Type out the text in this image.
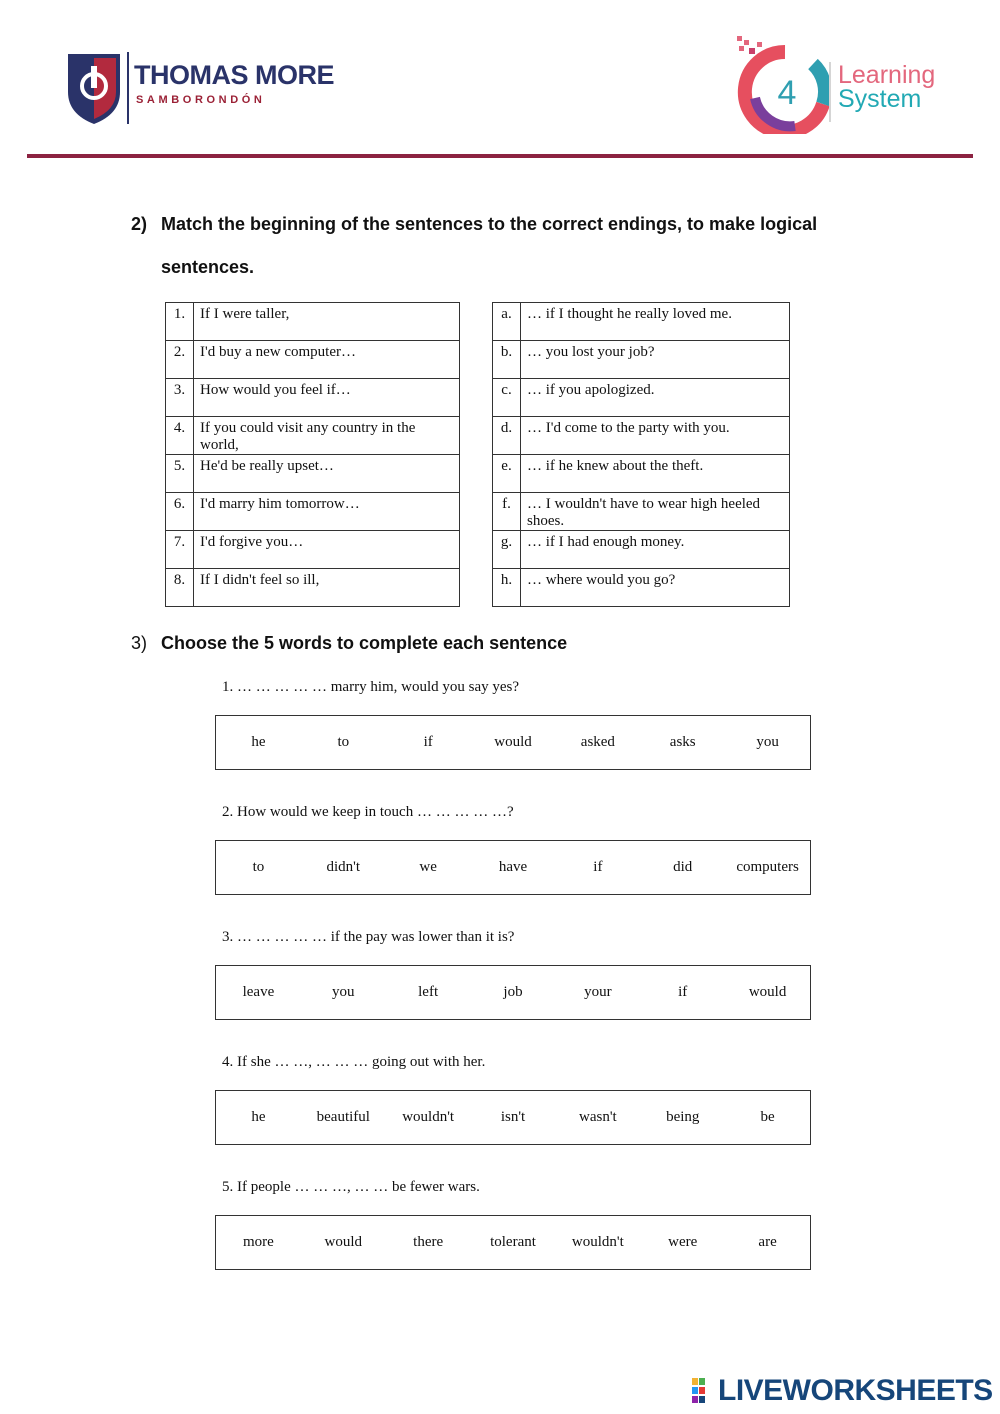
THOMAS MORE
SAMBORONDÓN	4 Learning
System
2) Match the beginning of the sentences to the correct endings, to make logical
sentences.
1.	If I were taller,
2.	I'd buy a new computer…
3.	How would you feel if…
4.	If you could visit any country in the world,
5.	He'd be really upset…
6.	I'd marry him tomorrow…
7.	I'd forgive you…
8.	If I didn't feel so ill,
a.	… if I thought he really loved me.
b.	… you lost your job?
c.	… if you apologized.
d.	… I'd come to the party with you.
e.	… if he knew about the theft.
f.	… I wouldn't have to wear high heeled shoes.
g.	… if I had enough money.
h.	… where would you go?
3) Choose the 5 words to complete each sentence
1. … … … … … marry him, would you say yes?
he	to	if	would	asked	asks	you
2. How would we keep in touch … … … … …?
to	didn't	we	have	if	did	computers
3. … … … … … if the pay was lower than it is?
leave	you	left	job	your	if	would
4. If she … …, … … … going out with her.
he	beautiful	wouldn't	isn't	wasn't	being	be
5. If people … … …, … … be fewer wars.
more	would	there	tolerant	wouldn't	were	are
LIVEWORKSHEETS
